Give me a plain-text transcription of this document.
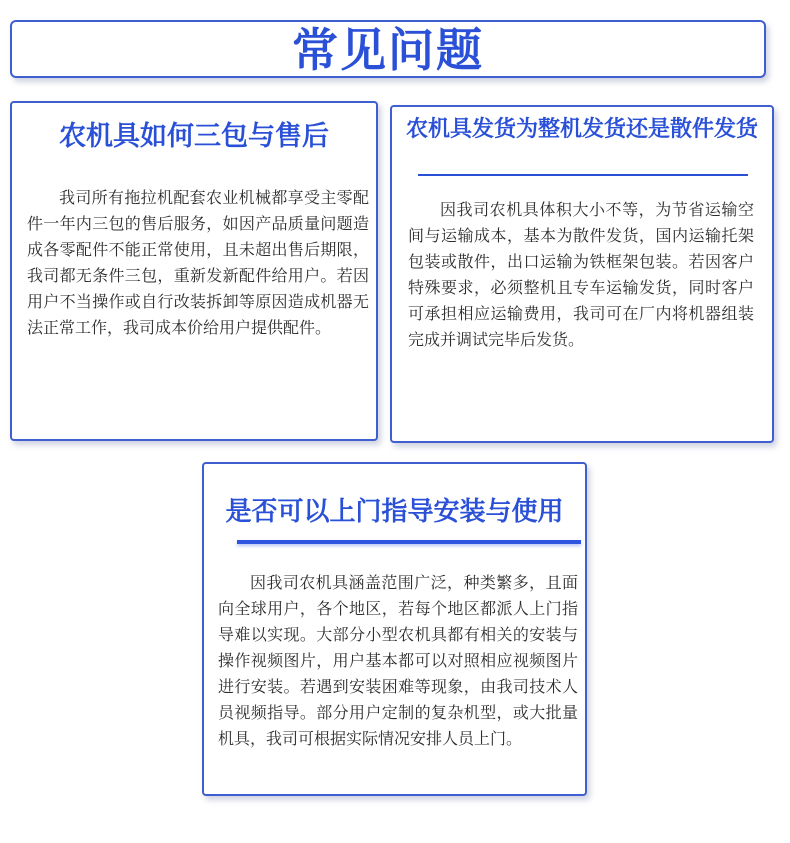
常见问题
农机具如何三包与售后
我司所有拖拉机配套农业机械都享受主零配件一年内三包的售后服务，如因产品质量问题造成各零配件不能正常使用，且未超出售后期限，我司都无条件三包，重新发新配件给用户。若因用户不当操作或自行改装拆卸等原因造成机器无法正常工作，我司成本价给用户提供配件。
农机具发货为整机发货还是散件发货
因我司农机具体积大小不等，为节省运输空间与运输成本，基本为散件发货，国内运输托架包装或散件，出口运输为铁框架包装。若因客户特殊要求，必须整机且专车运输发货，同时客户可承担相应运输费用，我司可在厂内将机器组装完成并调试完毕后发货。
是否可以上门指导安装与使用
因我司农机具涵盖范围广泛，种类繁多，且面向全球用户，各个地区，若每个地区都派人上门指导难以实现。大部分小型农机具都有相关的安装与操作视频图片，用户基本都可以对照相应视频图片进行安装。若遇到安装困难等现象，由我司技术人员视频指导。部分用户定制的复杂机型，或大批量机具，我司可根据实际情况安排人员上门。
